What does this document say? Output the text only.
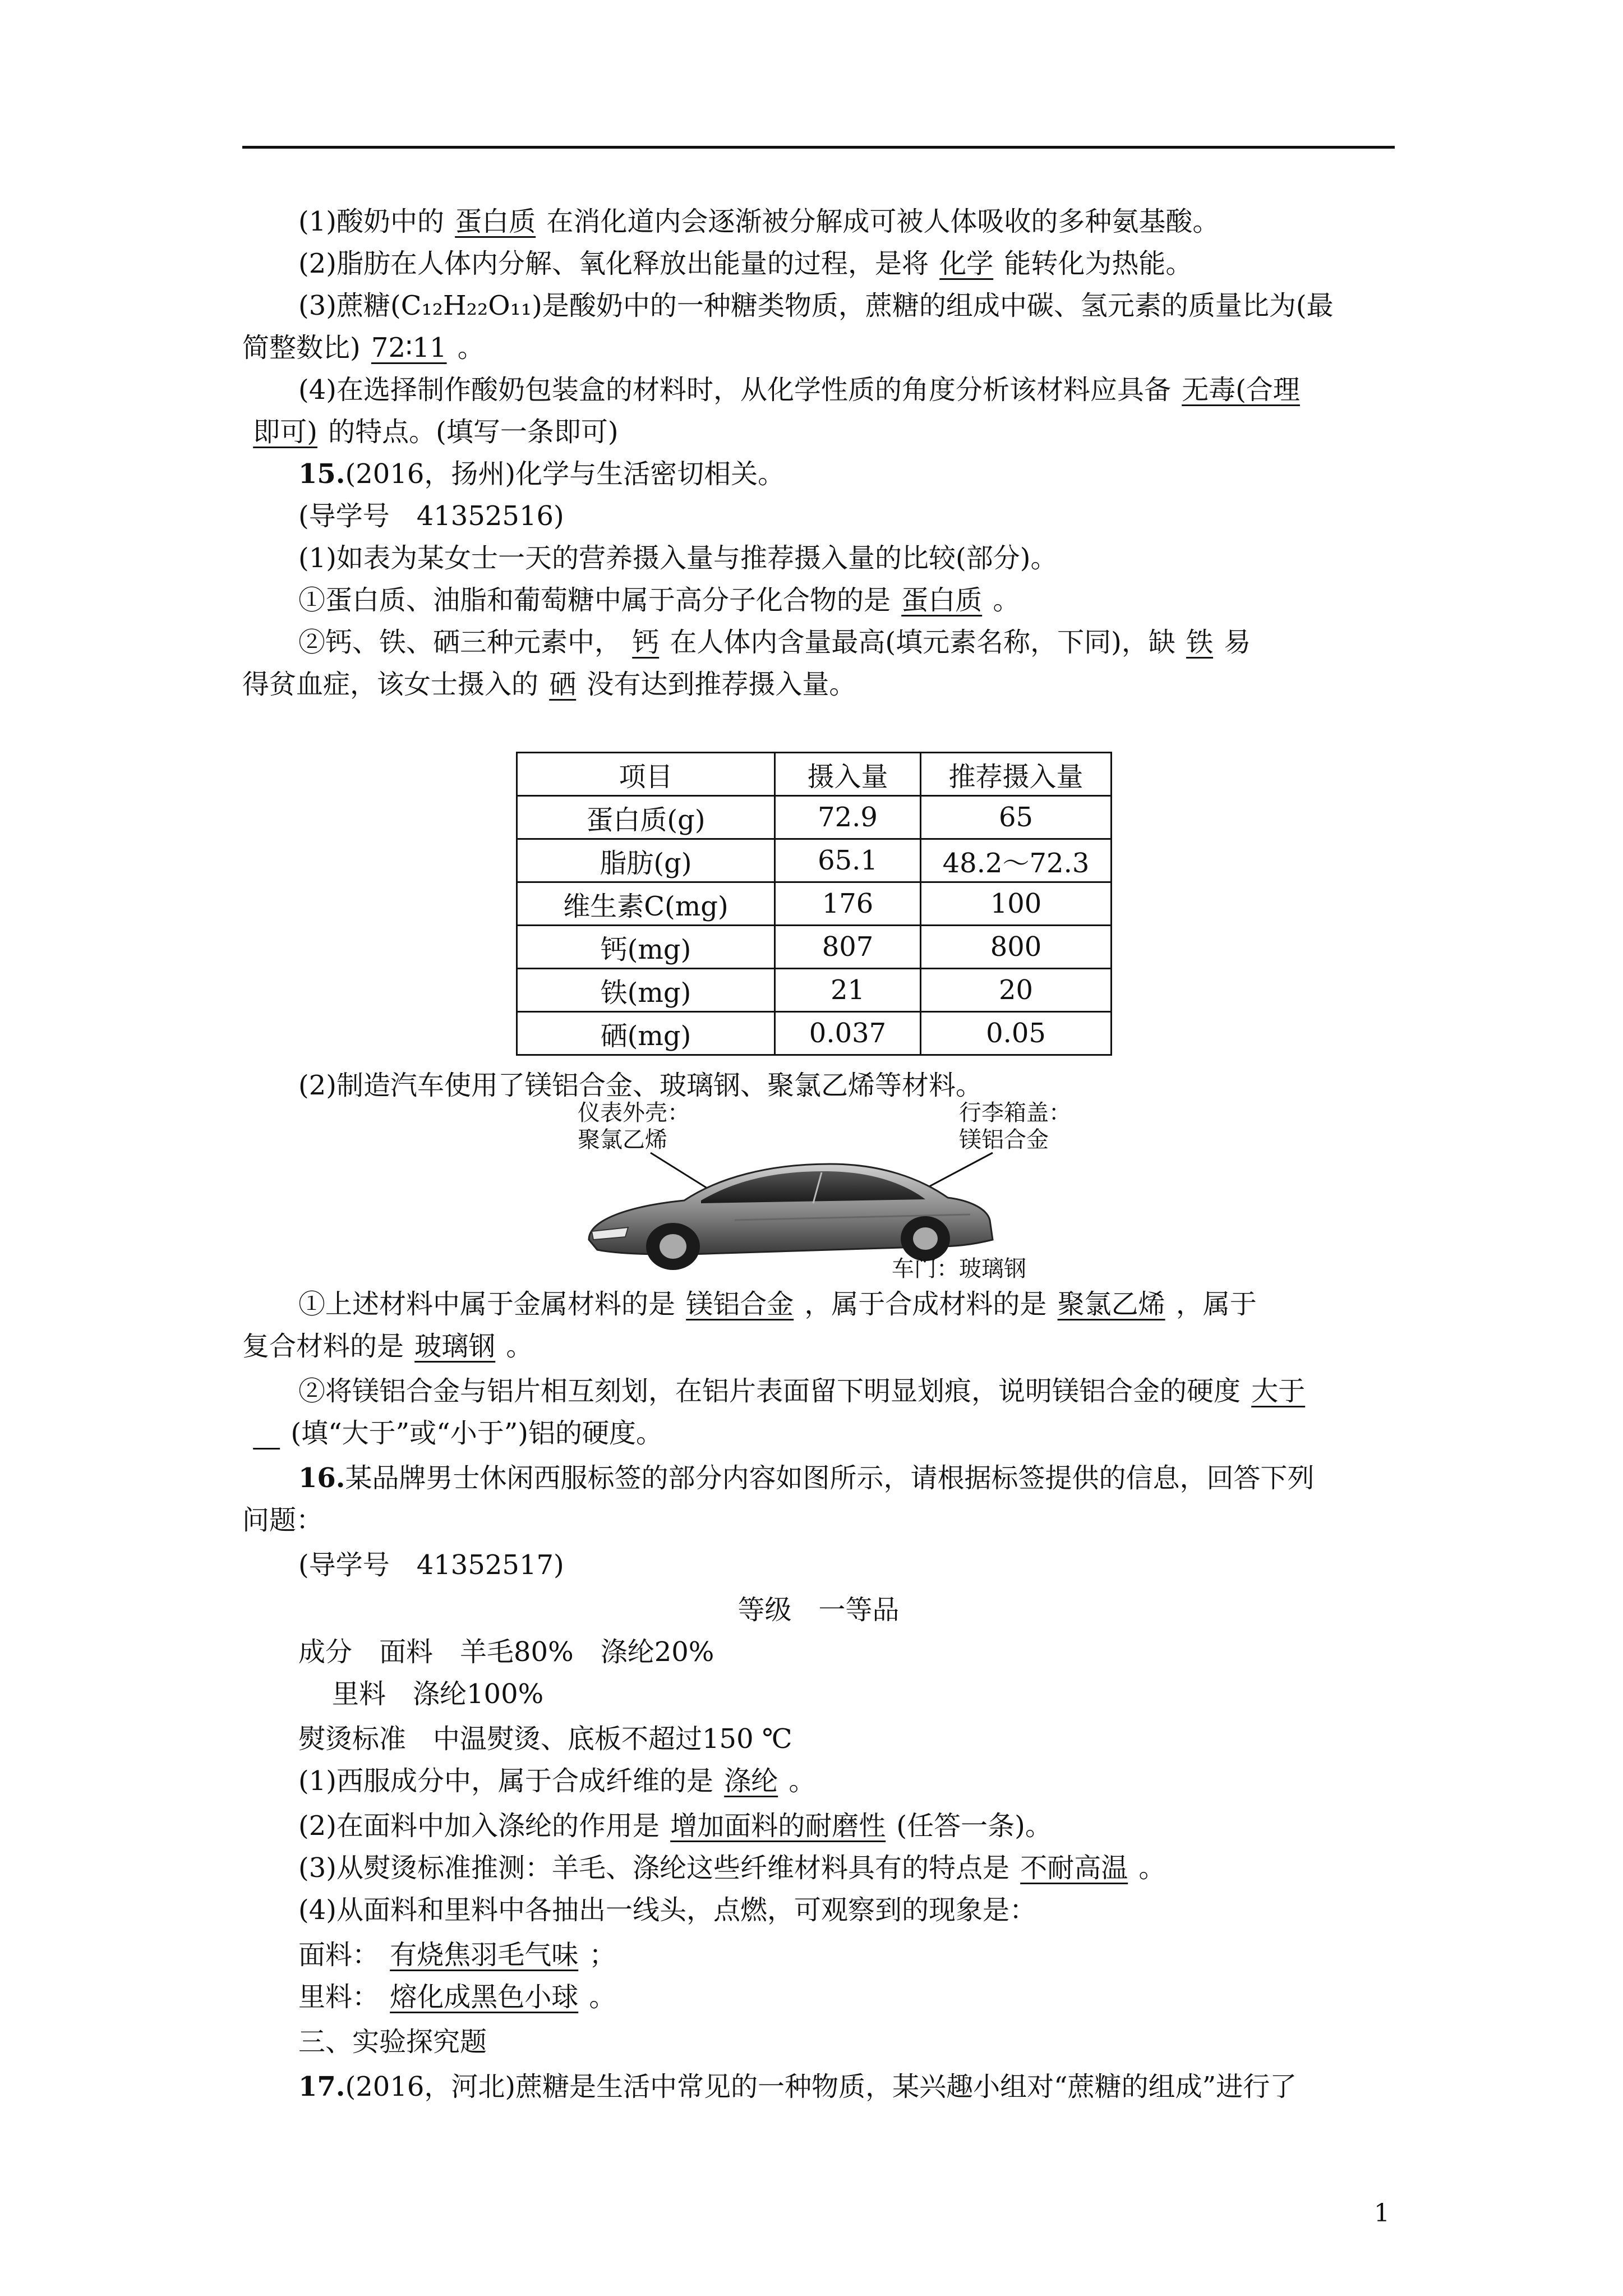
(1)酸奶中的 蛋白质 在消化道内会逐渐被分解成可被人体吸收的多种氨基酸。
(2)脂肪在人体内分解、氧化释放出能量的过程，是将 化学 能转化为热能。
(3)蔗糖(C₁₂H₂₂O₁₁)是酸奶中的一种糖类物质，蔗糖的组成中碳、氢元素的质量比为(最
简整数比) 72∶11 。
(4)在选择制作酸奶包装盒的材料时，从化学性质的角度分析该材料应具备 无毒(合理
即可) 的特点。(填写一条即可)
15.(2016，扬州)化学与生活密切相关。
(导学号　41352516)
(1)如表为某女士一天的营养摄入量与推荐摄入量的比较(部分)。
①蛋白质、油脂和葡萄糖中属于高分子化合物的是 蛋白质 。
②钙、铁、硒三种元素中， 钙 在人体内含量最高(填元素名称，下同)，缺 铁 易
得贫血症，该女士摄入的 硒 没有达到推荐摄入量。
项目	摄入量	推荐摄入量
蛋白质(g)	72.9	65
脂肪(g)	65.1	48.2～72.3
维生素C(mg)	176	100
钙(mg)	807	800
铁(mg)	21	20
硒(mg)	0.037	0.05
(2)制造汽车使用了镁铝合金、玻璃钢、聚氯乙烯等材料。
仪表外壳：
聚氯乙烯
行李箱盖：
镁铝合金
车门：玻璃钢
①上述材料中属于金属材料的是 镁铝合金 ，属于合成材料的是 聚氯乙烯 ，属于
复合材料的是 玻璃钢 。
②将镁铝合金与铝片相互刻划，在铝片表面留下明显划痕，说明镁铝合金的硬度 大于
 (填“大于”或“小于”)铝的硬度。
16.某品牌男士休闲西服标签的部分内容如图所示，请根据标签提供的信息，回答下列
问题：
(导学号　41352517)
等级　一等品
成分　面料　羊毛80%　涤纶20%
里料　涤纶100%
熨烫标准　中温熨烫、底板不超过150 ℃
(1)西服成分中，属于合成纤维的是 涤纶 。
(2)在面料中加入涤纶的作用是 增加面料的耐磨性 (任答一条)。
(3)从熨烫标准推测：羊毛、涤纶这些纤维材料具有的特点是 不耐高温 。
(4)从面料和里料中各抽出一线头，点燃，可观察到的现象是：
面料： 有烧焦羽毛气味 ；
里料： 熔化成黑色小球 。
三、实验探究题
17.(2016，河北)蔗糖是生活中常见的一种物质，某兴趣小组对“蔗糖的组成”进行了
1
